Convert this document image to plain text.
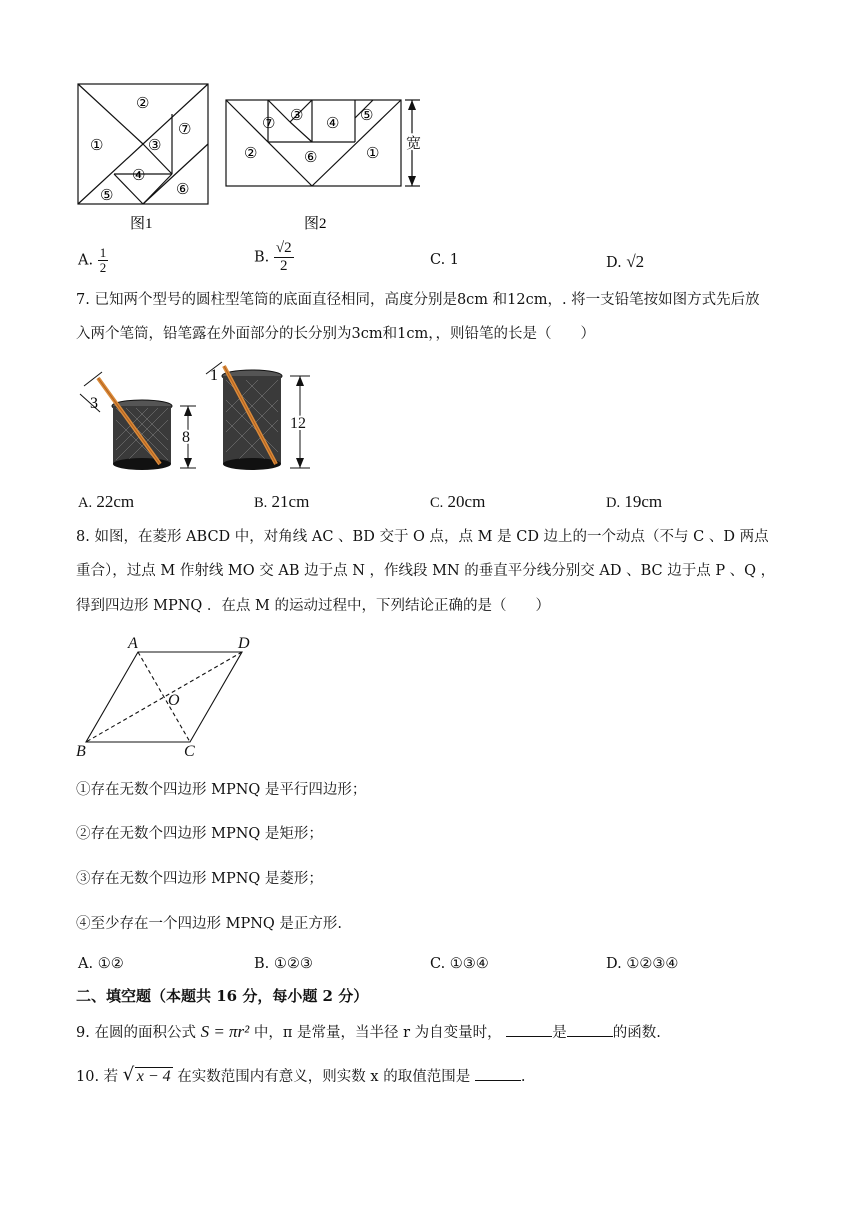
②
①	③
⑦
④
⑤	⑥
图1
⑦ ③ ④ ⑤
②	⑥	①
宽
图2
A. $\frac{1}{2}$	B. $\frac{√2}{2}$	C. 1	D. √2
7. 已知两个型号的圆柱型笔筒的底面直径相同，高度分别是8cm 和12cm，. 将一支铅笔按如图方式先后放
入两个笔筒，铅笔露在外面部分的长分别为3cm和1cm，，则铅笔的长是（　　）
3
8
1
12
A. 22cm	B. 21cm	C. 20cm	D. 19cm
8. 如图，在菱形 ABCD 中，对角线 AC 、BD 交于 O 点，点 M 是 CD 边上的一个动点（不与 C 、D 两点
重合），过点 M 作射线 MO 交 AB 边于点 N ，作线段 MN 的垂直平分线分别交 AD 、BC 边于点 P 、Q ，
得到四边形 MPNQ ．在点 M 的运动过程中，下列结论正确的是（　　）
A	D
B	C
O
①存在无数个四边形 MPNQ 是平行四边形；
②存在无数个四边形 MPNQ 是矩形；
③存在无数个四边形 MPNQ 是菱形；
④至少存在一个四边形 MPNQ 是正方形.
A. ①②	B. ①②③	C. ①③④	D. ①②③④
二、填空题（本题共 16 分，每小题 2 分）
9. 在圆的面积公式 S = πr² 中，π 是常量，当半径 r 为自变量时，	是	的函数.
10. 若 √ x − 4 在实数范围内有意义，则实数 x 的取值范围是	.
